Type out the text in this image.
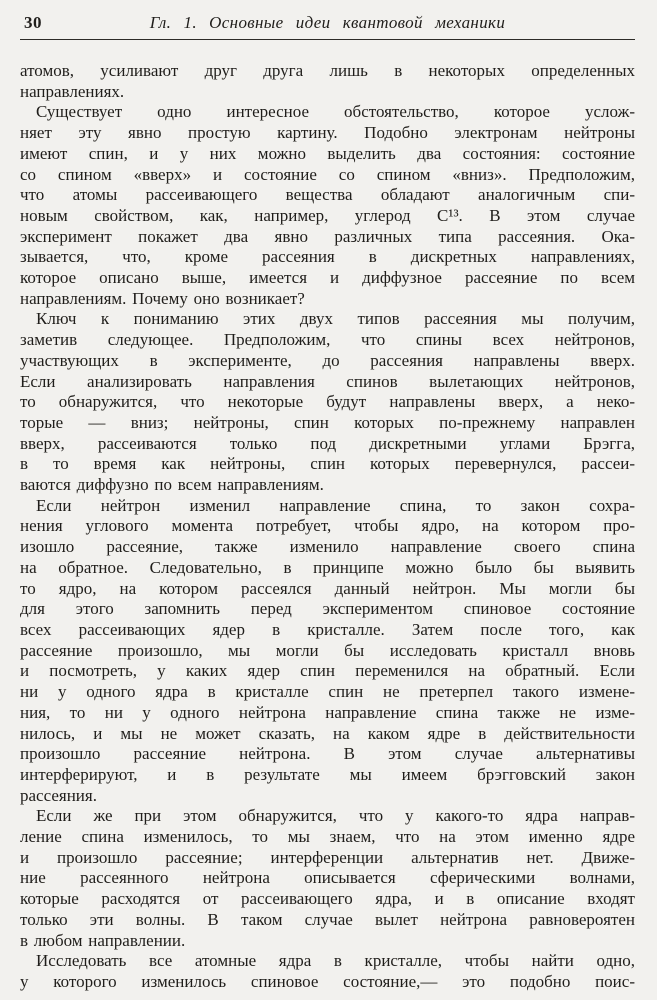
30	Гл. 1. Основные идеи квантовой механики
атомов, усиливают друг друга лишь в некоторых определенных
направлениях.
Существует одно интересное обстоятельство, которое услож-
няет эту явно простую картину. Подобно электронам нейтроны
имеют спин, и у них можно выделить два состояния: состояние
со спином «вверх» и состояние со спином «вниз». Предположим,
что атомы рассеивающего вещества обладают аналогичным спи-
новым свойством, как, например, углерод С¹³. В этом случае
эксперимент покажет два явно различных типа рассеяния. Ока-
зывается, что, кроме рассеяния в дискретных направлениях,
которое описано выше, имеется и диффузное рассеяние по всем
направлениям. Почему оно возникает?
Ключ к пониманию этих двух типов рассеяния мы получим,
заметив следующее. Предположим, что спины всех нейтронов,
участвующих в эксперименте, до рассеяния направлены вверх.
Если анализировать направления спинов вылетающих нейтронов,
то обнаружится, что некоторые будут направлены вверх, а неко-
торые — вниз; нейтроны, спин которых по-прежнему направлен
вверх, рассеиваются только под дискретными углами Брэгга,
в то время как нейтроны, спин которых перевернулся, рассеи-
ваются диффузно по всем направлениям.
Если нейтрон изменил направление спина, то закон сохра-
нения углового момента потребует, чтобы ядро, на котором про-
изошло рассеяние, также изменило направление своего спина
на обратное. Следовательно, в принципе можно было бы выявить
то ядро, на котором рассеялся данный нейтрон. Мы могли бы
для этого запомнить перед экспериментом спиновое состояние
всех рассеивающих ядер в кристалле. Затем после того, как
рассеяние произошло, мы могли бы исследовать кристалл вновь
и посмотреть, у каких ядер спин переменился на обратный. Если
ни у одного ядра в кристалле спин не претерпел такого измене-
ния, то ни у одного нейтрона направление спина также не изме-
нилось, и мы не может сказать, на каком ядре в действительности
произошло рассеяние нейтрона. В этом случае альтернативы
интерферируют, и в результате мы имеем брэгговский закон
рассеяния.
Если же при этом обнаружится, что у какого-то ядра направ-
ление спина изменилось, то мы знаем, что на этом именно ядре
и произошло рассеяние; интерференции альтернатив нет. Движе-
ние рассеянного нейтрона описывается сферическими волнами,
которые расходятся от рассеивающего ядра, и в описание входят
только эти волны. В таком случае вылет нейтрона равновероятен
в любом направлении.
Исследовать все атомные ядра в кристалле, чтобы найти одно,
у которого изменилось спиновое состояние,— это подобно поис-
